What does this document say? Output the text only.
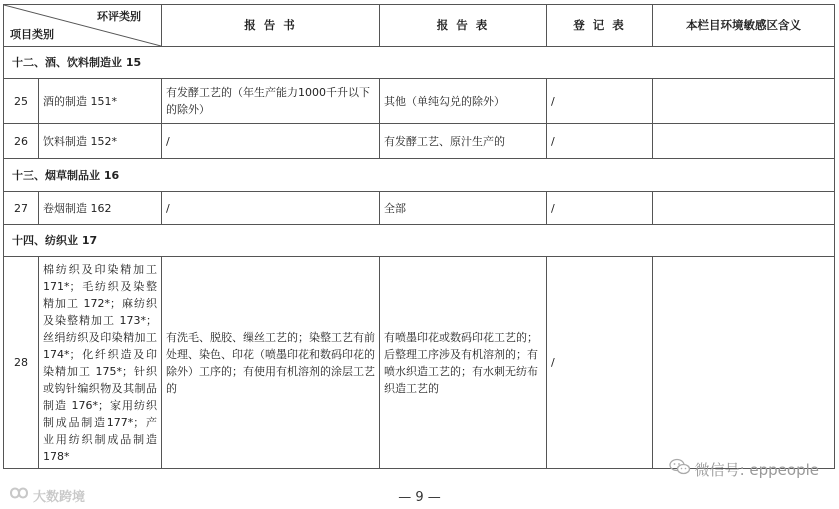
环评类别
项目类别		报 告 书	报 告 表	登 记 表	本栏目环境敏感区含义
十二、酒、饮料制造业 15					
25	酒的制造 151*	有发酵工艺的（年生产能力1000千升以下的除外）	其他（单纯勾兑的除外）	/	
26	饮料制造 152*	/	有发酵工艺、原汁生产的	/	
十三、烟草制品业 16					
27	卷烟制造 162	/	全部	/	
十四、纺织业 17					
28	棉纺织及印染精加工171*；毛纺织及染整精加工 172*；麻纺织及染整精加工 173*；丝绢纺织及印染精加工 174*；化纤织造及印染精加工 175*；针织或钩针编织物及其制品制造 176*；家用纺织制成品制造177*；产业用纺织制成品制造 178*	有洗毛、脱胶、缫丝工艺的；染整工艺有前处理、染色、印花（喷墨印花和数码印花的除外）工序的；有使用有机溶剂的涂层工艺的	有喷墨印花或数码印花工艺的；后整理工序涉及有机溶剂的；有喷水织造工艺的；有水刺无纺布织造工艺的	/	
微信号: eppeople
大数跨境	— 9 —
